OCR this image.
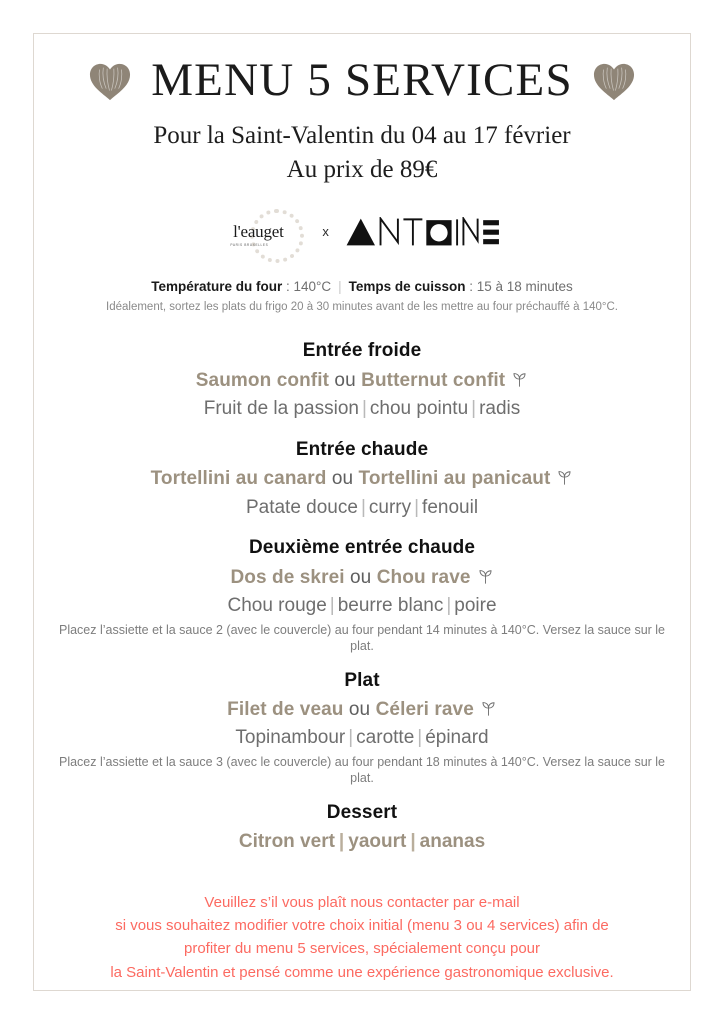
MENU 5 SERVICES
Pour la Saint-Valentin du 04 au 17 février
Au prix de 89€
l'eauget
PARIS BRUXELLES
x
Température du four : 140°C | Temps de cuisson : 15 à 18 minutes
Idéalement, sortez les plats du frigo 20 à 30 minutes avant de les mettre au four préchauffé à 140°C.
Entrée froide
Saumon confit ou Butternut confit
Fruit de la passion | chou pointu | radis
Entrée chaude
Tortellini au canard ou Tortellini au panicaut
Patate douce | curry | fenouil
Deuxième entrée chaude
Dos de skrei ou Chou rave
Chou rouge | beurre blanc | poire
Placez l’assiette et la sauce 2 (avec le couvercle) au four pendant 14 minutes à 140°C. Versez la sauce sur le plat.
Plat
Filet de veau ou Céleri rave
Topinambour | carotte | épinard
Placez l’assiette et la sauce 3 (avec le couvercle) au four pendant 18 minutes à 140°C. Versez la sauce sur le plat.
Dessert
Citron vert | yaourt | ananas
Veuillez s’il vous plaît nous contacter par e-mail
si vous souhaitez modifier votre choix initial (menu 3 ou 4 services) afin de
profiter du menu 5 services, spécialement conçu pour
la Saint-Valentin et pensé comme une expérience gastronomique exclusive.
